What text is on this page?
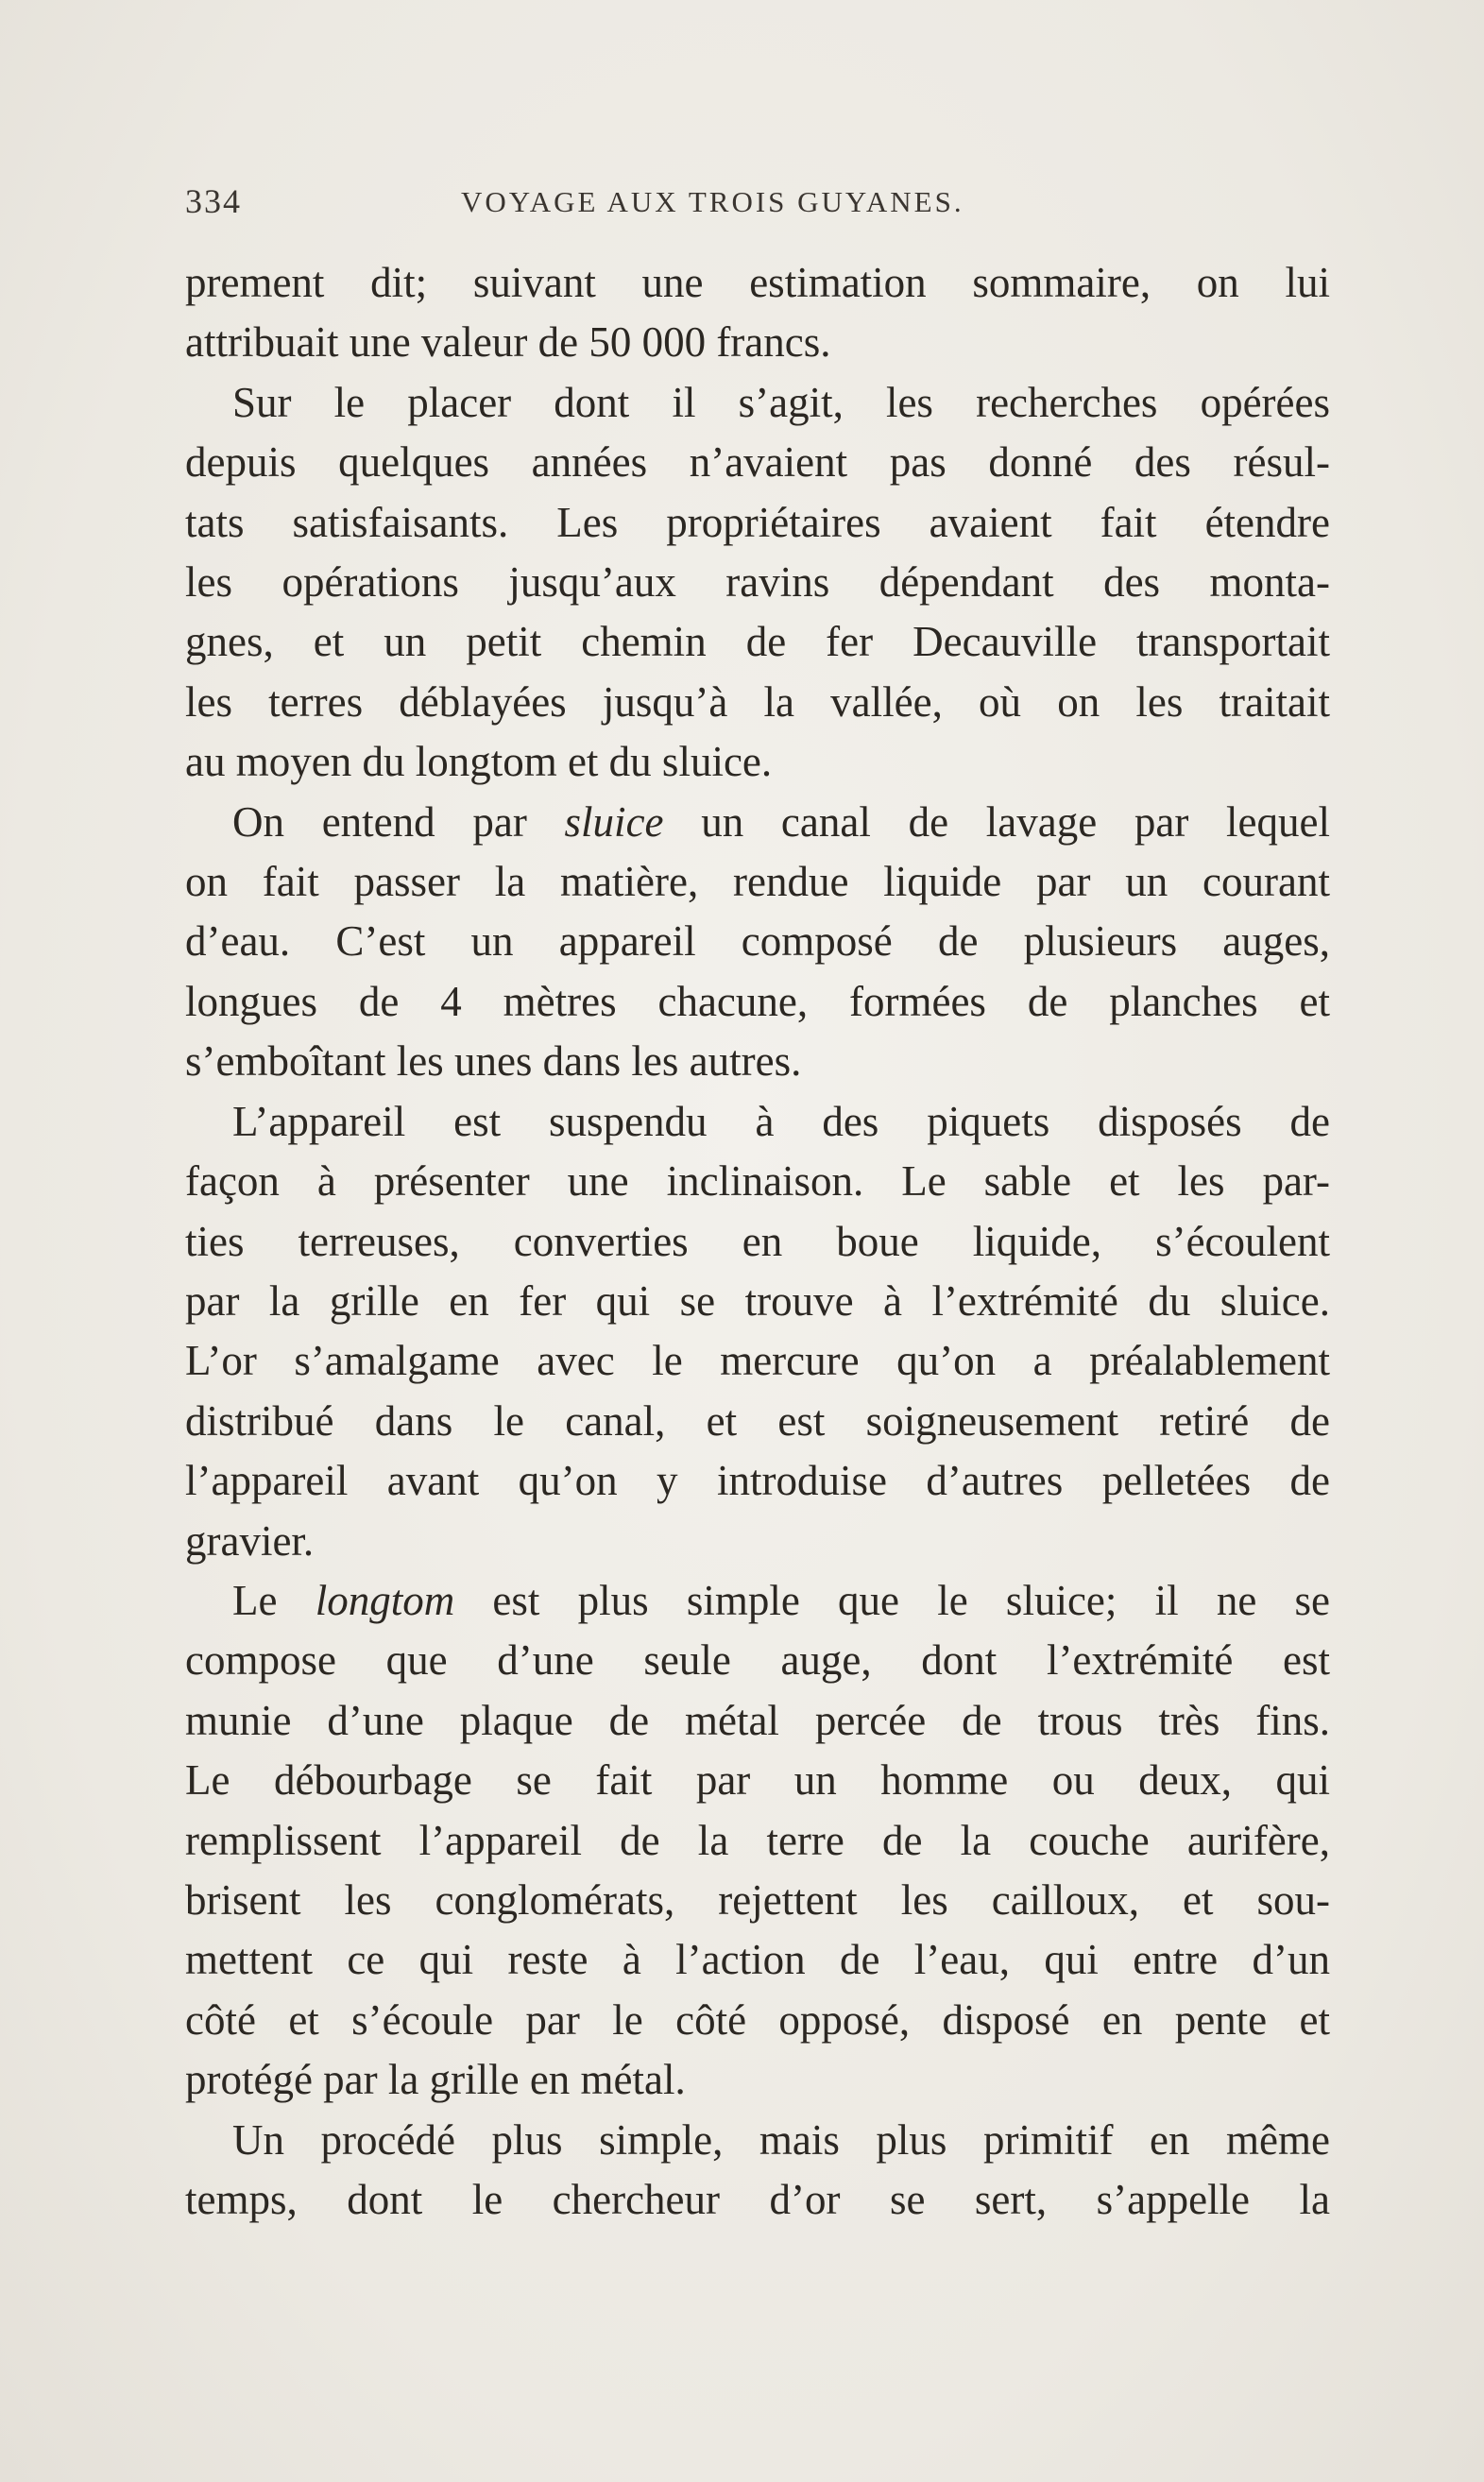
334	VOYAGE AUX TROIS GUYANES.
prement dit; suivant une estimation sommaire, on lui
attribuait une valeur de 50 000 francs.
Sur le placer dont il s’agit, les recherches opérées
depuis quelques années n’avaient pas donné des résul-
tats satisfaisants. Les propriétaires avaient fait étendre
les opérations jusqu’aux ravins dépendant des monta-
gnes, et un petit chemin de fer Decauville transportait
les terres déblayées jusqu’à la vallée, où on les traitait
au moyen du longtom et du sluice.
On entend par sluice un canal de lavage par lequel
on fait passer la matière, rendue liquide par un courant
d’eau. C’est un appareil composé de plusieurs auges,
longues de 4 mètres chacune, formées de planches et
s’emboîtant les unes dans les autres.
L’appareil est suspendu à des piquets disposés de
façon à présenter une inclinaison. Le sable et les par-
ties terreuses, converties en boue liquide, s’écoulent
par la grille en fer qui se trouve à l’extrémité du sluice.
L’or s’amalgame avec le mercure qu’on a préalablement
distribué dans le canal, et est soigneusement retiré de
l’appareil avant qu’on y introduise d’autres pelletées de
gravier.
Le longtom est plus simple que le sluice; il ne se
compose que d’une seule auge, dont l’extrémité est
munie d’une plaque de métal percée de trous très fins.
Le débourbage se fait par un homme ou deux, qui
remplissent l’appareil de la terre de la couche aurifère,
brisent les conglomérats, rejettent les cailloux, et sou-
mettent ce qui reste à l’action de l’eau, qui entre d’un
côté et s’écoule par le côté opposé, disposé en pente et
protégé par la grille en métal.
Un procédé plus simple, mais plus primitif en même
temps, dont le chercheur d’or se sert, s’appelle la
